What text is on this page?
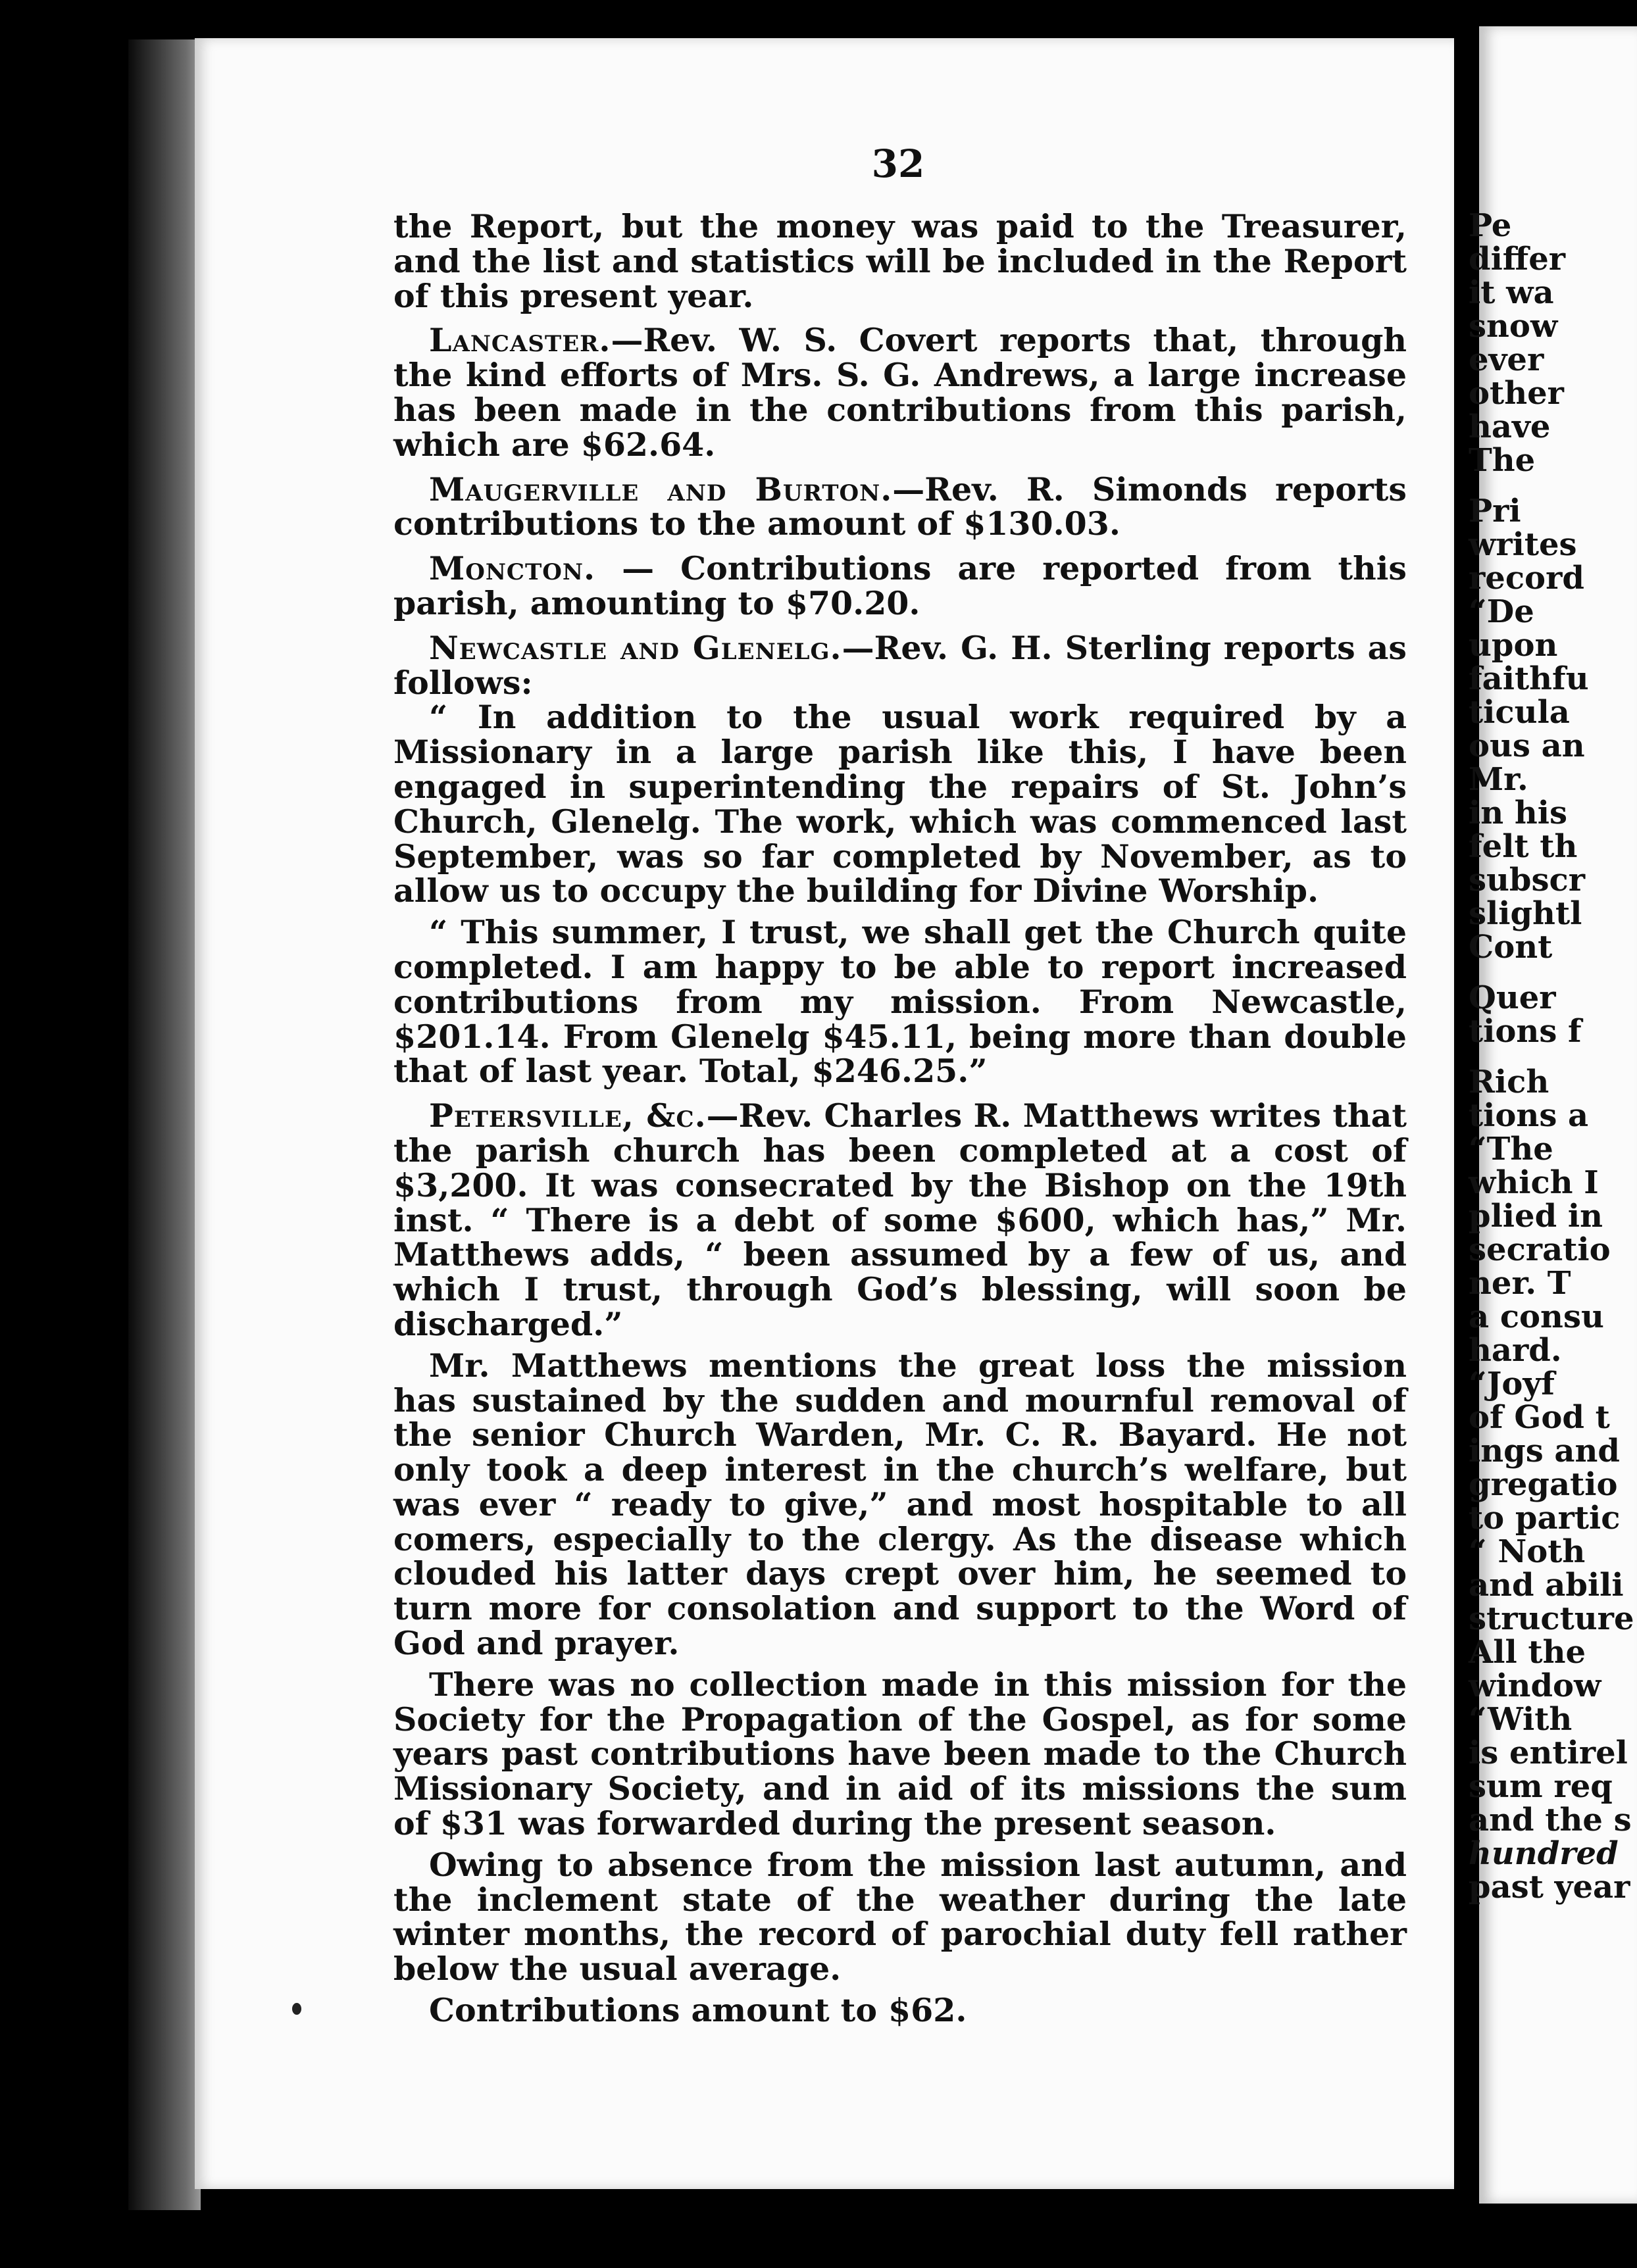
32

the Report, but the money was paid to the Treasurer, and the list and statistics will be included in the Report of this present year.

Lancaster.—Rev. W. S. Covert reports that, through the kind efforts of Mrs. S. G. Andrews, a large increase has been made in the contributions from this parish, which are $62.64.

Maugerville and Burton.—Rev. R. Simonds reports contributions to the amount of $130.03.

Moncton. — Contributions are reported from this parish, amounting to $70.20.

Newcastle and Glenelg.—Rev. G. H. Sterling reports as follows:

“ In addition to the usual work required by a Missionary in a large parish like this, I have been engaged in superintending the repairs of St. John’s Church, Glenelg. The work, which was commenced last September, was so far completed by November, as to allow us to occupy the building for Divine Worship.

“ This summer, I trust, we shall get the Church quite completed. I am happy to be able to report increased contributions from my mission. From Newcastle, $201.14. From Glenelg $45.11, being more than double that of last year. Total, $246.25.”

Petersville, &c.—Rev. Charles R. Matthews writes that the parish church has been completed at a cost of $3,200. It was consecrated by the Bishop on the 19th inst. “ There is a debt of some $600, which has,” Mr. Matthews adds, “ been assumed by a few of us, and which I trust, through God’s blessing, will soon be discharged.”

Mr. Matthews mentions the great loss the mission has sustained by the sudden and mournful removal of the senior Church Warden, Mr. C. R. Bayard. He not only took a deep interest in the church’s welfare, but was ever “ ready to give,” and most hospitable to all comers, especially to the clergy. As the disease which clouded his latter days crept over him, he seemed to turn more for consolation and support to the Word of God and prayer.

There was no collection made in this mission for the Society for the Propagation of the Gospel, as for some years past contributions have been made to the Church Missionary Society, and in aid of its missions the sum of $31 was forwarded during the present season.

Owing to absence from the mission last autumn, and the inclement state of the weather during the late winter months, the record of parochial duty fell rather below the usual average.

Contributions amount to $62.

Pe
differ
it wa
snow
ever
other
have
The
Pri
writes
record
“De
upon
faithfu
ticula
ous an
Mr.
in his
felt th
subscr
slightl
Cont
Quer
tions f
Rich
tions a
“The
which I
plied in
secratio
ner. T
a consu
hard.
“Joyf
of God t
ings and
gregatio
to partic
“ Noth
and abili
structure
All the
window
“With
is entirel
sum req
and the s
hundred
past year
